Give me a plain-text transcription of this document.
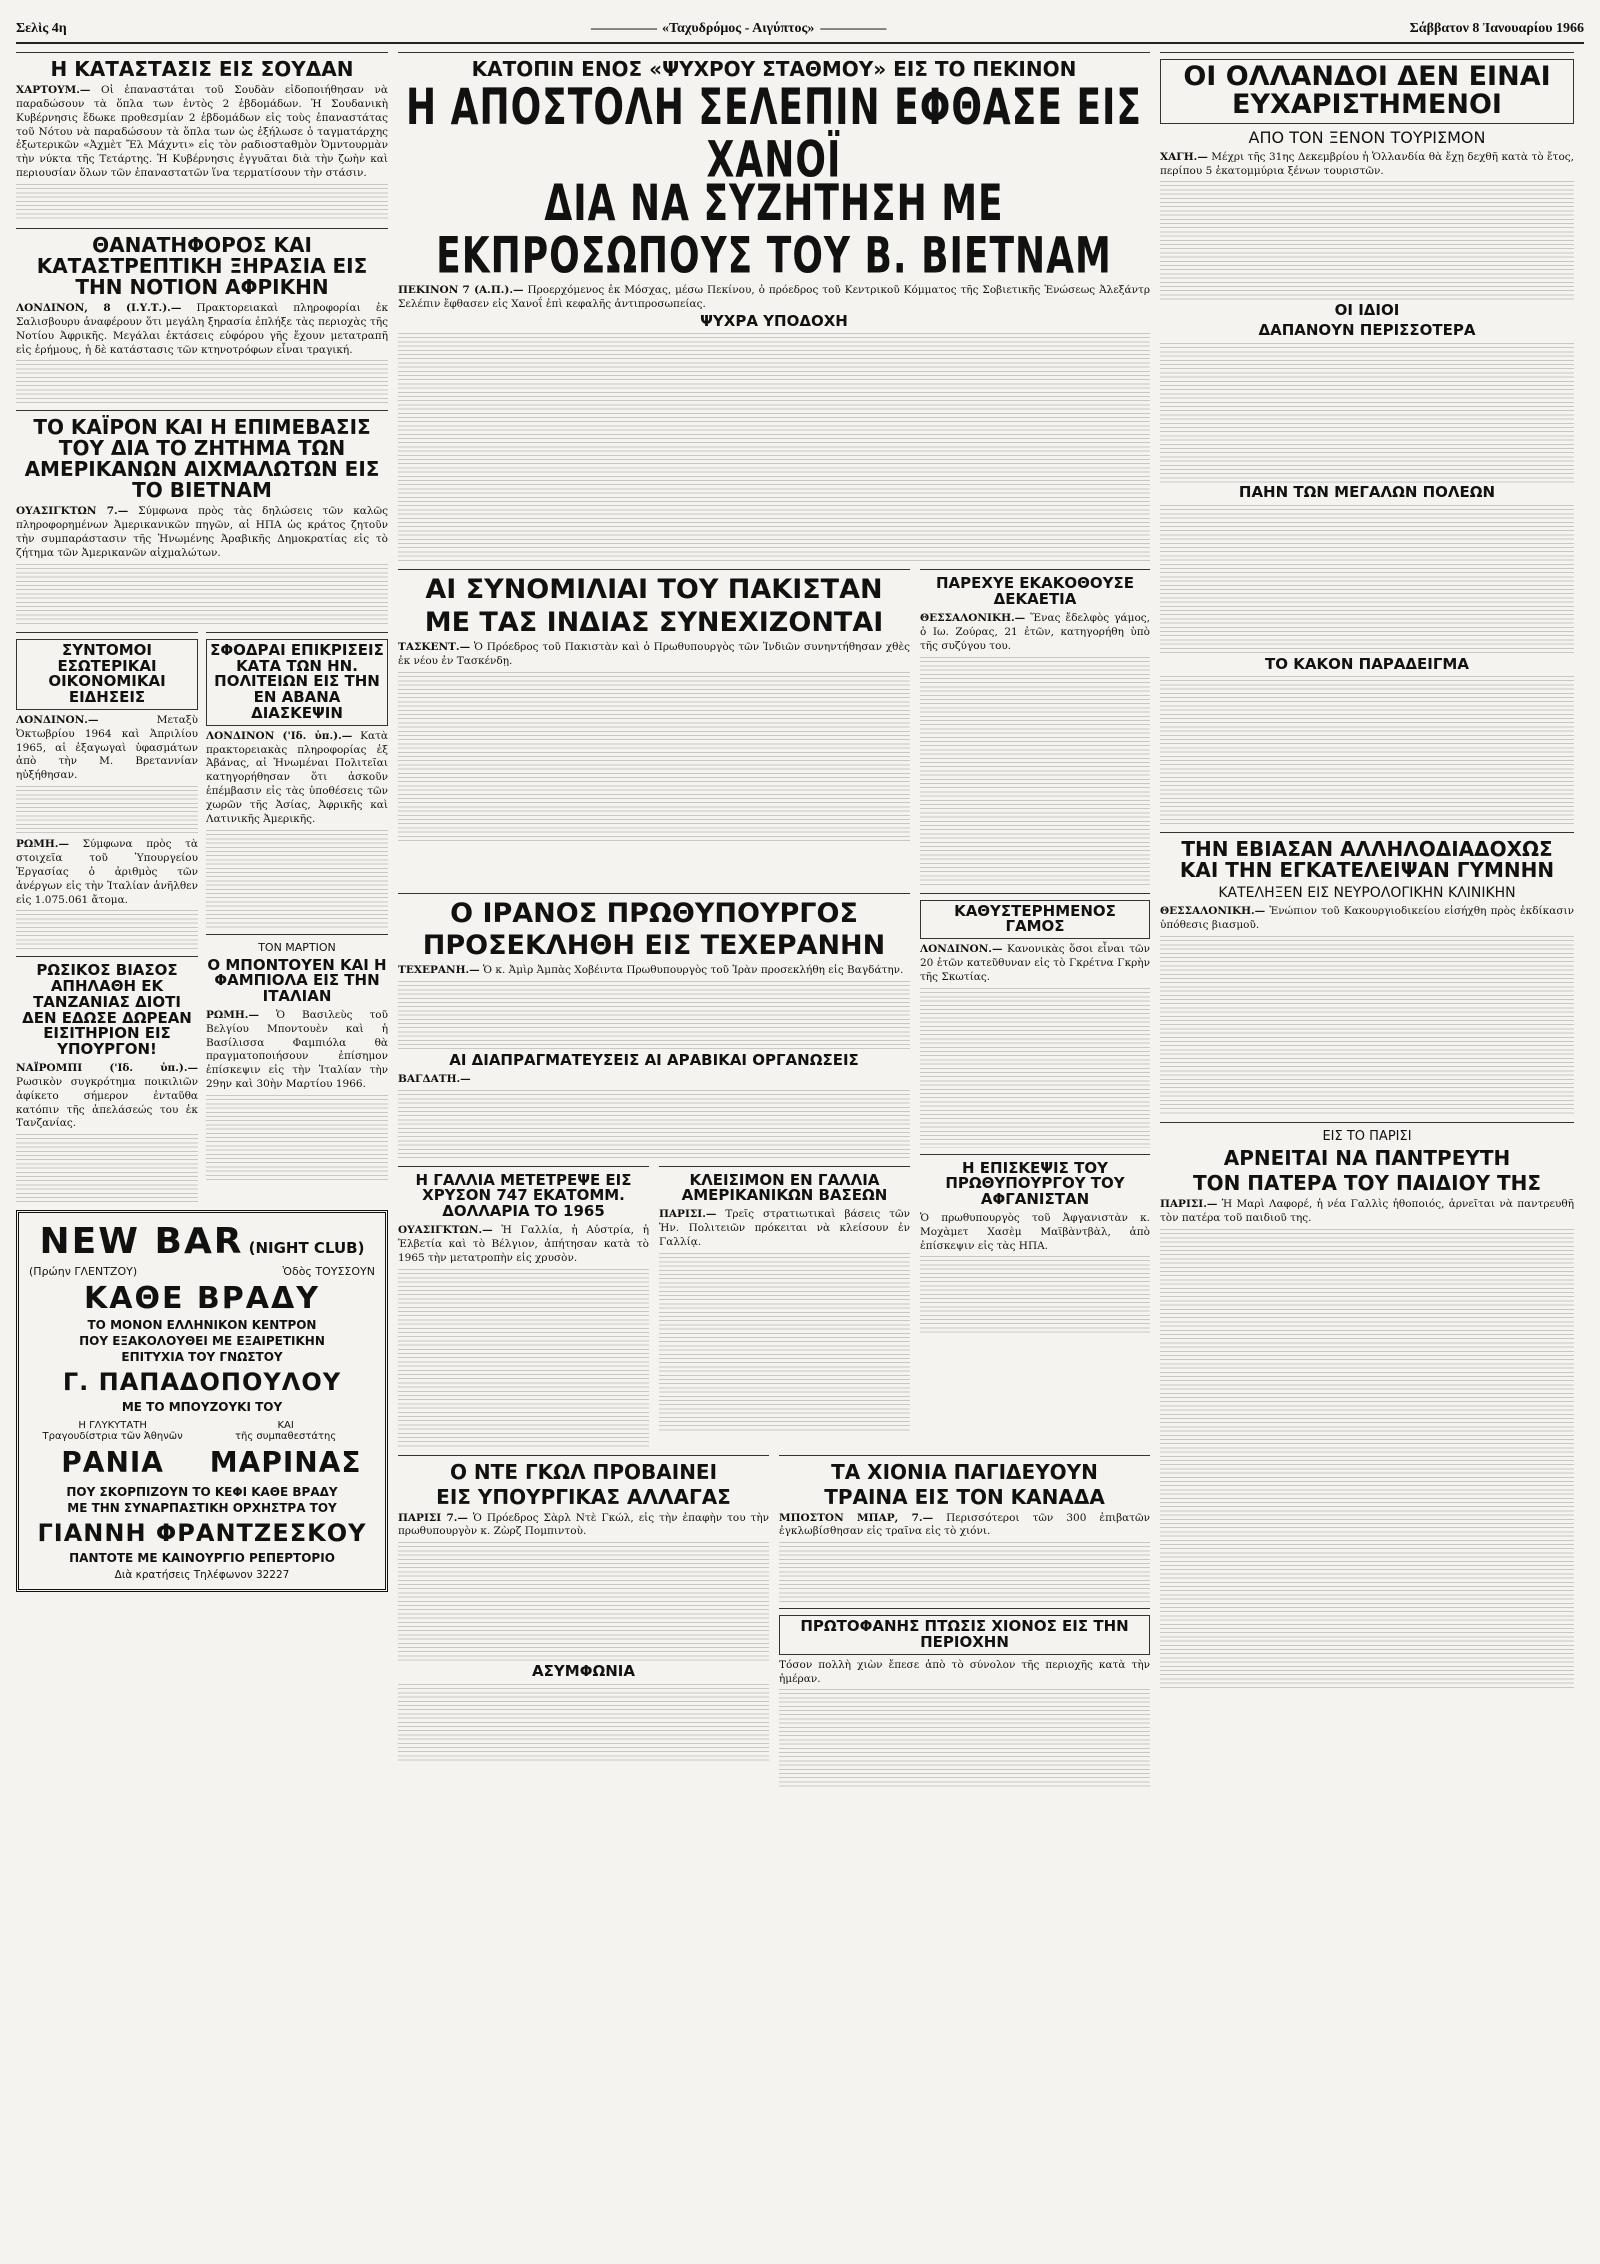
Σελὶς 4η
—————	«Ταχυδρόμος - Αιγύπτος» —————	Σάββατον 8 Ἰανουαρίου 1966
Η ΚΑΤΑΣΤΑΣΙΣ ΕΙΣ ΣΟΥΔΑΝ
ΧΑΡΤΟΥΜ.— Οἱ ἐπαναστάται τοῦ Σουδὰν εἰδοποιήθησαν νὰ παραδώσουν τὰ ὅπλα των ἐντὸς 2 ἑβδομάδων. Ἡ Σουδανικὴ Κυβέρνησις ἔδωκε προθεσμίαν 2 ἑβδομάδων εἰς τοὺς ἐπαναστάτας τοῦ Νότου νὰ παραδώσουν τὰ ὅπλα των ὡς ἐξήλωσε ὁ ταγματάρχης ἐξωτερικῶν «Ἀχμὲτ Ἔλ Μάχντι» εἰς τὸν ραδιοσταθμὸν Ὀμντουρμὰν τὴν νύκτα τῆς Τετάρτης. Ἡ Κυβέρνησις ἐγγυᾶται διὰ τὴν ζωὴν καὶ περιουσίαν ὅλων τῶν ἐπαναστατῶν ἵνα τερματίσουν τὴν στάσιν.
ΘΑΝΑΤΗΦΟΡΟΣ ΚΑΙ ΚΑΤΑΣΤΡΕΠΤΙΚΗ ΞΗΡΑΣΙΑ ΕΙΣ ΤΗΝ ΝΟΤΙΟΝ ΑΦΡΙΚΗΝ
ΛΟΝΔΙΝΟΝ, 8 (Ι.Υ.Τ.).— Πρακτορειακαὶ πληροφορίαι ἐκ Σαλισβουρυ ἀναφέρουν ὅτι μεγάλη ξηρασία ἐπλήξε τὰς περιοχὰς τῆς Νοτίου Ἀφρικῆς. Μεγάλαι ἐκτάσεις εὑφόρου γῆς ἔχουν μετατραπῆ εἰς ἐρήμους, ἡ δὲ κατάστασις τῶν κτηνοτρόφων εἶναι τραγική.
ΤΟ ΚΑΪΡΟΝ ΚΑΙ Η ΕΠΙΜΕΒΑΣΙΣ ΤΟΥ ΔΙΑ ΤΟ ΖΗΤΗΜΑ ΤΩΝ ΑΜΕΡΙΚΑΝΩΝ ΑΙΧΜΑΛΩΤΩΝ ΕΙΣ ΤΟ ΒΙΕΤΝΑΜ
ΟΥΑΣΙΓΚΤΩΝ 7.— Σύμφωνα πρὸς τὰς δηλώσεις τῶν καλῶς πληροφορημένων Ἀμερικανικῶν πηγῶν, αἱ ΗΠΑ ὡς κράτος ζητοῦν τὴν συμπαράστασιν τῆς Ἡνωμένης Ἀραβικῆς Δημοκρατίας εἰς τὸ ζήτημα τῶν Ἀμερικανῶν αἰχμαλώτων.
ΣΥΝΤΟΜΟΙ ΕΣΩΤΕΡΙΚΑΙ ΟΙΚΟΝΟΜΙΚΑΙ ΕΙΔΗΣΕΙΣ
ΛΟΝΔΙΝΟΝ.—	Μεταξὺ Ὀκτωβρίου 1964 καὶ Ἀπριλίου 1965, αἱ ἐξαγωγαὶ ὑφασμάτων ἀπὸ τὴν Μ. Βρεταννίαν ηὐξήθησαν.
ΡΩΜΗ.— Σύμφωνα πρὸς τὰ στοιχεῖα τοῦ Ὑπουργείου Ἐργασίας ὁ ἀριθμὸς τῶν ἀνέργων εἰς τὴν Ἰταλίαν ἀνῆλθεν εἰς 1.075.061 ἄτομα.
ΡΩΣΙΚΟΣ ΒΙΑΣΟΣ ΑΠΗΛΑΘΗ ΕΚ ΤΑΝΖΑΝΙΑΣ ΔΙΟΤΙ ΔΕΝ ΕΔΩΣΕ ΔΩΡΕΑΝ ΕΙΣΙΤΗΡΙΟΝ ΕΙΣ ΥΠΟΥΡΓΟΝ!
ΝΑΪΡΟΜΠΙ ('Ιδ. ὑπ.).— Ρωσικὸν συγκρότημα ποικιλιῶν ἀφίκετο σήμερον ἐνταῦθα κατόπιν τῆς ἀπελάσεώς του ἐκ Τανζανίας.
ΣΦΟΔΡΑΙ ΕΠΙΚΡΙΣΕΙΣ ΚΑΤΑ ΤΩΝ ΗΝ. ΠΟΛΙΤΕΙΩΝ ΕΙΣ ΤΗΝ ΕΝ ΑΒΑΝΑ ΔΙΑΣΚΕΨΙΝ
ΛΟΝΔΙΝΟΝ ('Ιδ. ὑπ.).— Κατὰ πρακτορειακὰς πληροφορίας ἐξ Ἀβάνας, αἱ Ἡνωμέναι Πολιτεῖαι κατηγορήθησαν ὅτι ἀσκοῦν ἐπέμβασιν εἰς τὰς ὑποθέσεις τῶν χωρῶν τῆς Ἀσίας, Ἀφρικῆς καὶ Λατινικῆς Ἀμερικῆς.
ΤΟΝ ΜΑΡΤΙΟΝ
Ο ΜΠΟΝΤΟΥΕΝ ΚΑΙ Η ΦΑΜΠΙΟΛΑ ΕΙΣ ΤΗΝ ΙΤΑΛΙΑΝ
ΡΩΜΗ.— Ὁ Βασιλεὺς τοῦ Βελγίου Μποντουὲν καὶ ἡ Βασίλισσα Φαμπιόλα θὰ πραγματοποιήσουν ἐπίσημον ἐπίσκεψιν εἰς τὴν Ἰταλίαν τὴν 29ην καὶ 30ὴν Μαρτίου 1966.
NEW BAR (NIGHT CLUB)
(Πρώην ΓΛΕΝΤΖΟΥ)	Ὁδὸς ΤΟΥΣΣΟΥΝ
ΚΑΘΕ ΒΡΑΔΥ
ΤΟ ΜΟΝΟΝ ΕΛΛΗΝΙΚΟΝ ΚΕΝΤΡΟΝ
ΠΟΥ ΕΞΑΚΟΛΟΥΘΕΙ ΜΕ ΕΞΑΙΡΕΤΙΚΗΝ
ΕΠΙΤΥΧΙΑ ΤΟΥ ΓΝΩΣΤΟΥ
Γ. ΠΑΠΑΔΟΠΟΥΛΟΥ
ΜΕ ΤΟ ΜΠΟΥΖΟΥΚΙ ΤΟΥ
Η ΓΛΥΚΥΤΑΤΗ
Τραγουδίστρια τῶν Ἀθηνῶν
ΡΑΝΙΑ
ΚΑΙ
τῆς συμπαθεστάτης
ΜΑΡΙΝΑΣ
ΠΟΥ ΣΚΟΡΠΙΖΟΥΝ ΤΟ ΚΕΦΙ ΚΑΘΕ ΒΡΑΔΥ
ΜΕ ΤΗΝ ΣΥΝΑΡΠΑΣΤΙΚΗ ΟΡΧΗΣΤΡΑ ΤΟΥ
ΓΙΑΝΝΗ ΦΡΑΝΤΖΕΣΚΟΥ
ΠΑΝΤΟΤΕ ΜΕ ΚΑΙΝΟΥΡΓΙΟ ΡΕΠΕΡΤΟΡΙΟ
Διὰ κρατήσεις Τηλέφωνον 32227
ΚΑΤΟΠΙΝ ΕΝΟΣ «ΨΥΧΡΟΥ ΣΤΑΘΜΟΥ» ΕΙΣ ΤΟ ΠΕΚΙΝΟΝ
Η ΑΠΟΣΤΟΛΗ ΣΕΛΕΠΙΝ ΕΦΘΑΣΕ ΕΙΣ ΧΑΝΟΪ
ΔΙΑ ΝΑ ΣΥΖΗΤΗΣΗ ΜΕ ΕΚΠΡΟΣΩΠΟΥΣ ΤΟΥ Β. ΒΙΕΤΝΑΜ
ΠΕΚΙΝΟΝ 7 (Α.Π.).— Προερχόμενος ἐκ Μόσχας, μέσω Πεκίνου, ὁ πρόεδρος τοῦ Κεντρικοῦ Κόμματος τῆς Σοβιετικῆς Ἑνώσεως Ἀλεξάντρ Σελέπιν ἔφθασεν εἰς Χανοΐ ἐπὶ κεφαλῆς ἀντιπροσωπείας.
ΨΥΧΡΑ ΥΠΟΔΟΧΗ
ΑΙ ΣΥΝΟΜΙΛΙΑΙ ΤΟΥ ΠΑΚΙΣΤΑΝ
ΜΕ ΤΑΣ ΙΝΔΙΑΣ ΣΥΝΕΧΙΖΟΝΤΑΙ
ΤΑΣΚΕΝΤ.— Ὁ Πρόεδρος τοῦ Πακιστὰν καὶ ὁ Πρωθυπουργὸς τῶν Ἰνδιῶν συνηντήθησαν χθὲς ἐκ νέου ἐν Τασκένδῃ.
ΠΑΡΕΧΥΕ ΕΚΑΚΟΘΟΥΣΕ ΔΕΚΑΕΤΙΑ
ΘΕΣΣΑΛΟΝΙΚΗ.— Ἕνας ἔδελφὸς γάμος, ὁ Ιω. Ζούρας, 21 ἐτῶν, κατηγορήθη ὑπὸ τῆς συζύγου του.
Ο ΙΡΑΝΟΣ ΠΡΩΘΥΠΟΥΡΓΟΣ
ΠΡΟΣΕΚΛΗΘΗ ΕΙΣ ΤΕΧΕΡΑΝΗΝ
ΤΕΧΕΡΑΝΗ.— Ὁ κ. Ἀμὶρ Ἀμπὰς Χοβέιντα Πρωθυπουργὸς τοῦ Ἰρὰν προσεκλήθη εἰς Βαγδάτην.
ΑΙ ΔΙΑΠΡΑΓΜΑΤΕΥΣΕΙΣ ΑΙ ΑΡΑΒΙΚΑΙ ΟΡΓΑΝΩΣΕΙΣ
ΒΑΓΔΑΤΗ.—
Η ΓΑΛΛΙΑ ΜΕΤΕΤΡΕΨΕ ΕΙΣ ΧΡΥΣΟΝ 747 ΕΚΑΤΟΜΜ. ΔΟΛΛΑΡΙΑ ΤΟ 1965
ΟΥΑΣΙΓΚΤΩΝ.— Ἡ Γαλλία, ἡ Αὐστρία, ἡ Ἐλβετία καὶ τὸ Βέλγιον, ἀπήτησαν κατὰ τὸ 1965 τὴν μετατροπὴν εἰς χρυσὸν.
ΚΛΕΙΣΙΜΟΝ ΕΝ ΓΑΛΛΙΑ ΑΜΕΡΙΚΑΝΙΚΩΝ ΒΑΣΕΩΝ
ΠΑΡΙΣΙ.— Τρεῖς στρατιωτικαὶ βάσεις τῶν Ἡν. Πολιτειῶν πρόκειται νὰ κλείσουν ἐν Γαλλίᾳ.
ΚΑΘΥΣΤΕΡΗΜΕΝΟΣ ΓΑΜΟΣ
ΛΟΝΔΙΝΟΝ.— Κανονικὰς ὅσοι εἶναι τῶν 20 ἐτῶν κατεῦθυναν εἰς τὸ Γκρέτνα Γκρὴν τῆς Σκωτίας.
Η ΕΠΙΣΚΕΨΙΣ ΤΟΥ ΠΡΩΘΥΠΟΥΡΓΟΥ ΤΟΥ ΑΦΓΑΝΙΣΤΑΝ
Ὁ πρωθυπουργὸς τοῦ Ἀφγανιστὰν κ. Μοχὰμετ Χασὲμ Μαϊβὰντβὰλ, ἀπὸ ἐπίσκεψιν εἰς τὰς ΗΠΑ.
Ο ΝΤΕ ΓΚΩΛ ΠΡΟΒΑΙΝΕΙ
ΕΙΣ ΥΠΟΥΡΓΙΚΑΣ ΑΛΛΑΓΑΣ
ΠΑΡΙΣΙ 7.— Ὁ Πρόεδρος Σὰρλ Ντὲ Γκώλ, εἰς τὴν ἐπαφὴν του τὴν πρωθυπουργὸν κ. Ζὼρζ Πομπιντοὺ.
ΑΣΥΜΦΩΝΙΑ
ΤΑ ΧΙΟΝΙΑ ΠΑΓΙΔΕΥΟΥΝ
ΤΡΑΙΝΑ ΕΙΣ ΤΟΝ ΚΑΝΑΔΑ
ΜΠΟΣΤΟΝ ΜΠΑΡ, 7.— Περισσότεροι τῶν 300 ἐπιβατῶν ἐγκλωβίσθησαν εἰς τραῖνα εἰς τὸ χιόνι.
ΠΡΩΤΟΦΑΝΗΣ ΠΤΩΣΙΣ ΧΙΟΝΟΣ ΕΙΣ ΤΗΝ ΠΕΡΙΟΧΗΝ
Τόσον πολλὴ χιὼν ἔπεσε ἀπὸ τὸ σύνολον τῆς περιοχῆς κατὰ τὴν ἡμέραν.
ΟΙ ΟΛΛΑΝΔΟΙ ΔΕΝ ΕΙΝΑΙ ΕΥΧΑΡΙΣΤΗΜΕΝΟΙ
ΑΠΟ ΤΟΝ ΞΕΝΟΝ ΤΟΥΡΙΣΜΟΝ
ΧΑΓΗ.— Μέχρι τῆς 31ης Δεκεμβρίου ἡ Ὁλλανδία θὰ ἔχῃ δεχθῆ κατὰ τὸ ἔτος, περίπου 5 ἑκατομμύρια ξένων τουριστῶν.
ΟΙ ΙΔΙΟΙ
ΔΑΠΑΝΟΥΝ ΠΕΡΙΣΣΟΤΕΡΑ
ΠΑΗΝ ΤΩΝ ΜΕΓΑΛΩΝ ΠΟΛΕΩΝ
ΤΟ ΚΑΚΟΝ ΠΑΡΑΔΕΙΓΜΑ
ΤΗΝ ΕΒΙΑΣΑΝ ΑΛΛΗΛΟΔΙΑΔΟΧΩΣ ΚΑΙ ΤΗΝ ΕΓΚΑΤΕΛΕΙΨΑΝ ΓΥΜΝΗΝ
ΚΑΤΕΛΗΞΕΝ ΕΙΣ ΝΕΥΡΟΛΟΓΙΚΗΝ ΚΛΙΝΙΚΗΝ
ΘΕΣΣΑΛΟΝΙΚΗ.— Ἐνώπιον τοῦ Κακουργιοδικείου εἰσήχθη πρὸς ἐκδίκασιν ὑπόθεσις βιασμοῦ.
ΕΙΣ ΤΟ ΠΑΡΙΣΙ
ΑΡΝΕΙΤΑΙ ΝΑ ΠΑΝΤΡΕΥΤΗ
ΤΟΝ ΠΑΤΕΡΑ ΤΟΥ ΠΑΙΔΙΟΥ ΤΗΣ
ΠΑΡΙΣΙ.— Ἡ Μαρὶ Λαφορέ, ἡ νέα Γαλλὶς ἠθοποιός, ἀρνεῖται νὰ παντρευθῆ τὸν πατέρα τοῦ παιδιοῦ της.
